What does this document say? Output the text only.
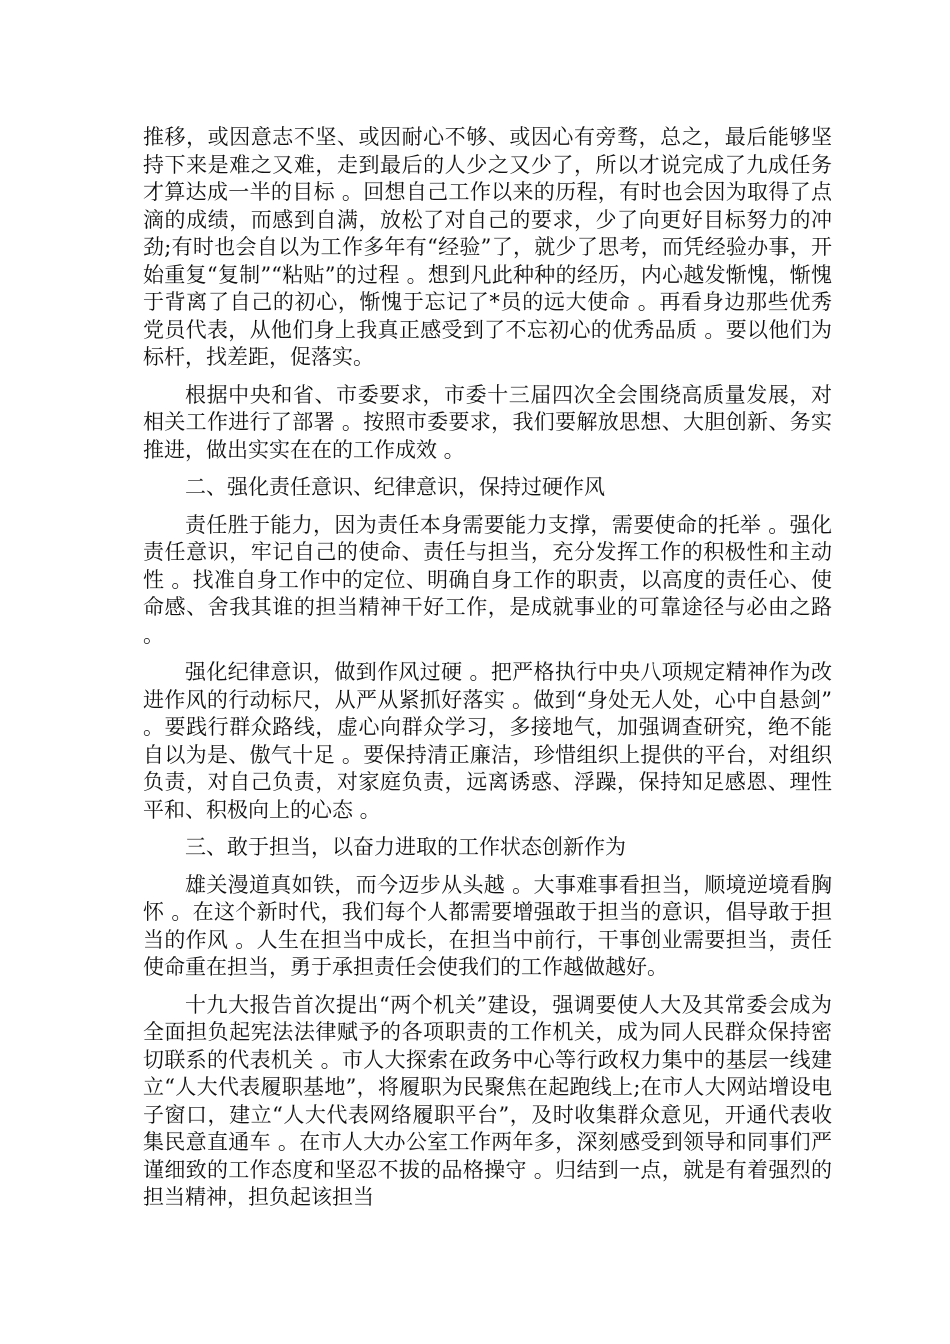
推移，或因意志不坚、或因耐心不够、或因心有旁骛，总之，最后能够坚持下来是难之又难，走到最后的人少之又少了，所以才说完成了九成任务才算达成一半的目标 。回想自己工作以来的历程，有时也会因为取得了点滴的成绩，而感到自满，放松了对自己的要求，少了向更好目标努力的冲劲;有时也会自以为工作多年有“经验”了，就少了思考，而凭经验办事，开始重复“复制”“粘贴”的过程 。想到凡此种种的经历，内心越发惭愧，惭愧于背离了自己的初心，惭愧于忘记了*员的远大使命 。再看身边那些优秀党员代表，从他们身上我真正感受到了不忘初心的优秀品质 。要以他们为标杆，找差距，促落实。

根据中央和省、市委要求，市委十三届四次全会围绕高质量发展，对相关工作进行了部署 。按照市委要求，我们要解放思想、大胆创新、务实推进，做出实实在在的工作成效 。

二、强化责任意识、纪律意识，保持过硬作风

责任胜于能力，因为责任本身需要能力支撑，需要使命的托举 。强化责任意识，牢记自己的使命、责任与担当，充分发挥工作的积极性和主动性 。找准自身工作中的定位、明确自身工作的职责，以高度的责任心、使命感、舍我其谁的担当精神干好工作，是成就事业的可靠途径与必由之路 。

强化纪律意识，做到作风过硬 。把严格执行中央八项规定精神作为改进作风的行动标尺，从严从紧抓好落实 。做到“身处无人处，心中自悬剑” 。要践行群众路线，虚心向群众学习，多接地气，加强调查研究，绝不能自以为是、傲气十足 。要保持清正廉洁，珍惜组织上提供的平台，对组织负责，对自己负责，对家庭负责，远离诱惑、浮躁，保持知足感恩、理性平和、积极向上的心态 。

三、敢于担当，以奋力进取的工作状态创新作为

雄关漫道真如铁，而今迈步从头越 。大事难事看担当，顺境逆境看胸怀 。在这个新时代，我们每个人都需要增强敢于担当的意识，倡导敢于担当的作风 。人生在担当中成长，在担当中前行，干事创业需要担当，责任使命重在担当，勇于承担责任会使我们的工作越做越好。

十九大报告首次提出“两个机关”建设，强调要使人大及其常委会成为全面担负起宪法法律赋予的各项职责的工作机关，成为同人民群众保持密切联系的代表机关 。市人大探索在政务中心等行政权力集中的基层一线建立“人大代表履职基地”，将履职为民聚焦在起跑线上;在市人大网站增设电子窗口，建立“人大代表网络履职平台”，及时收集群众意见，开通代表收集民意直通车 。在市人大办公室工作两年多，深刻感受到领导和同事们严谨细致的工作态度和坚忍不拔的品格操守 。归结到一点，就是有着强烈的担当精神，担负起该担当
